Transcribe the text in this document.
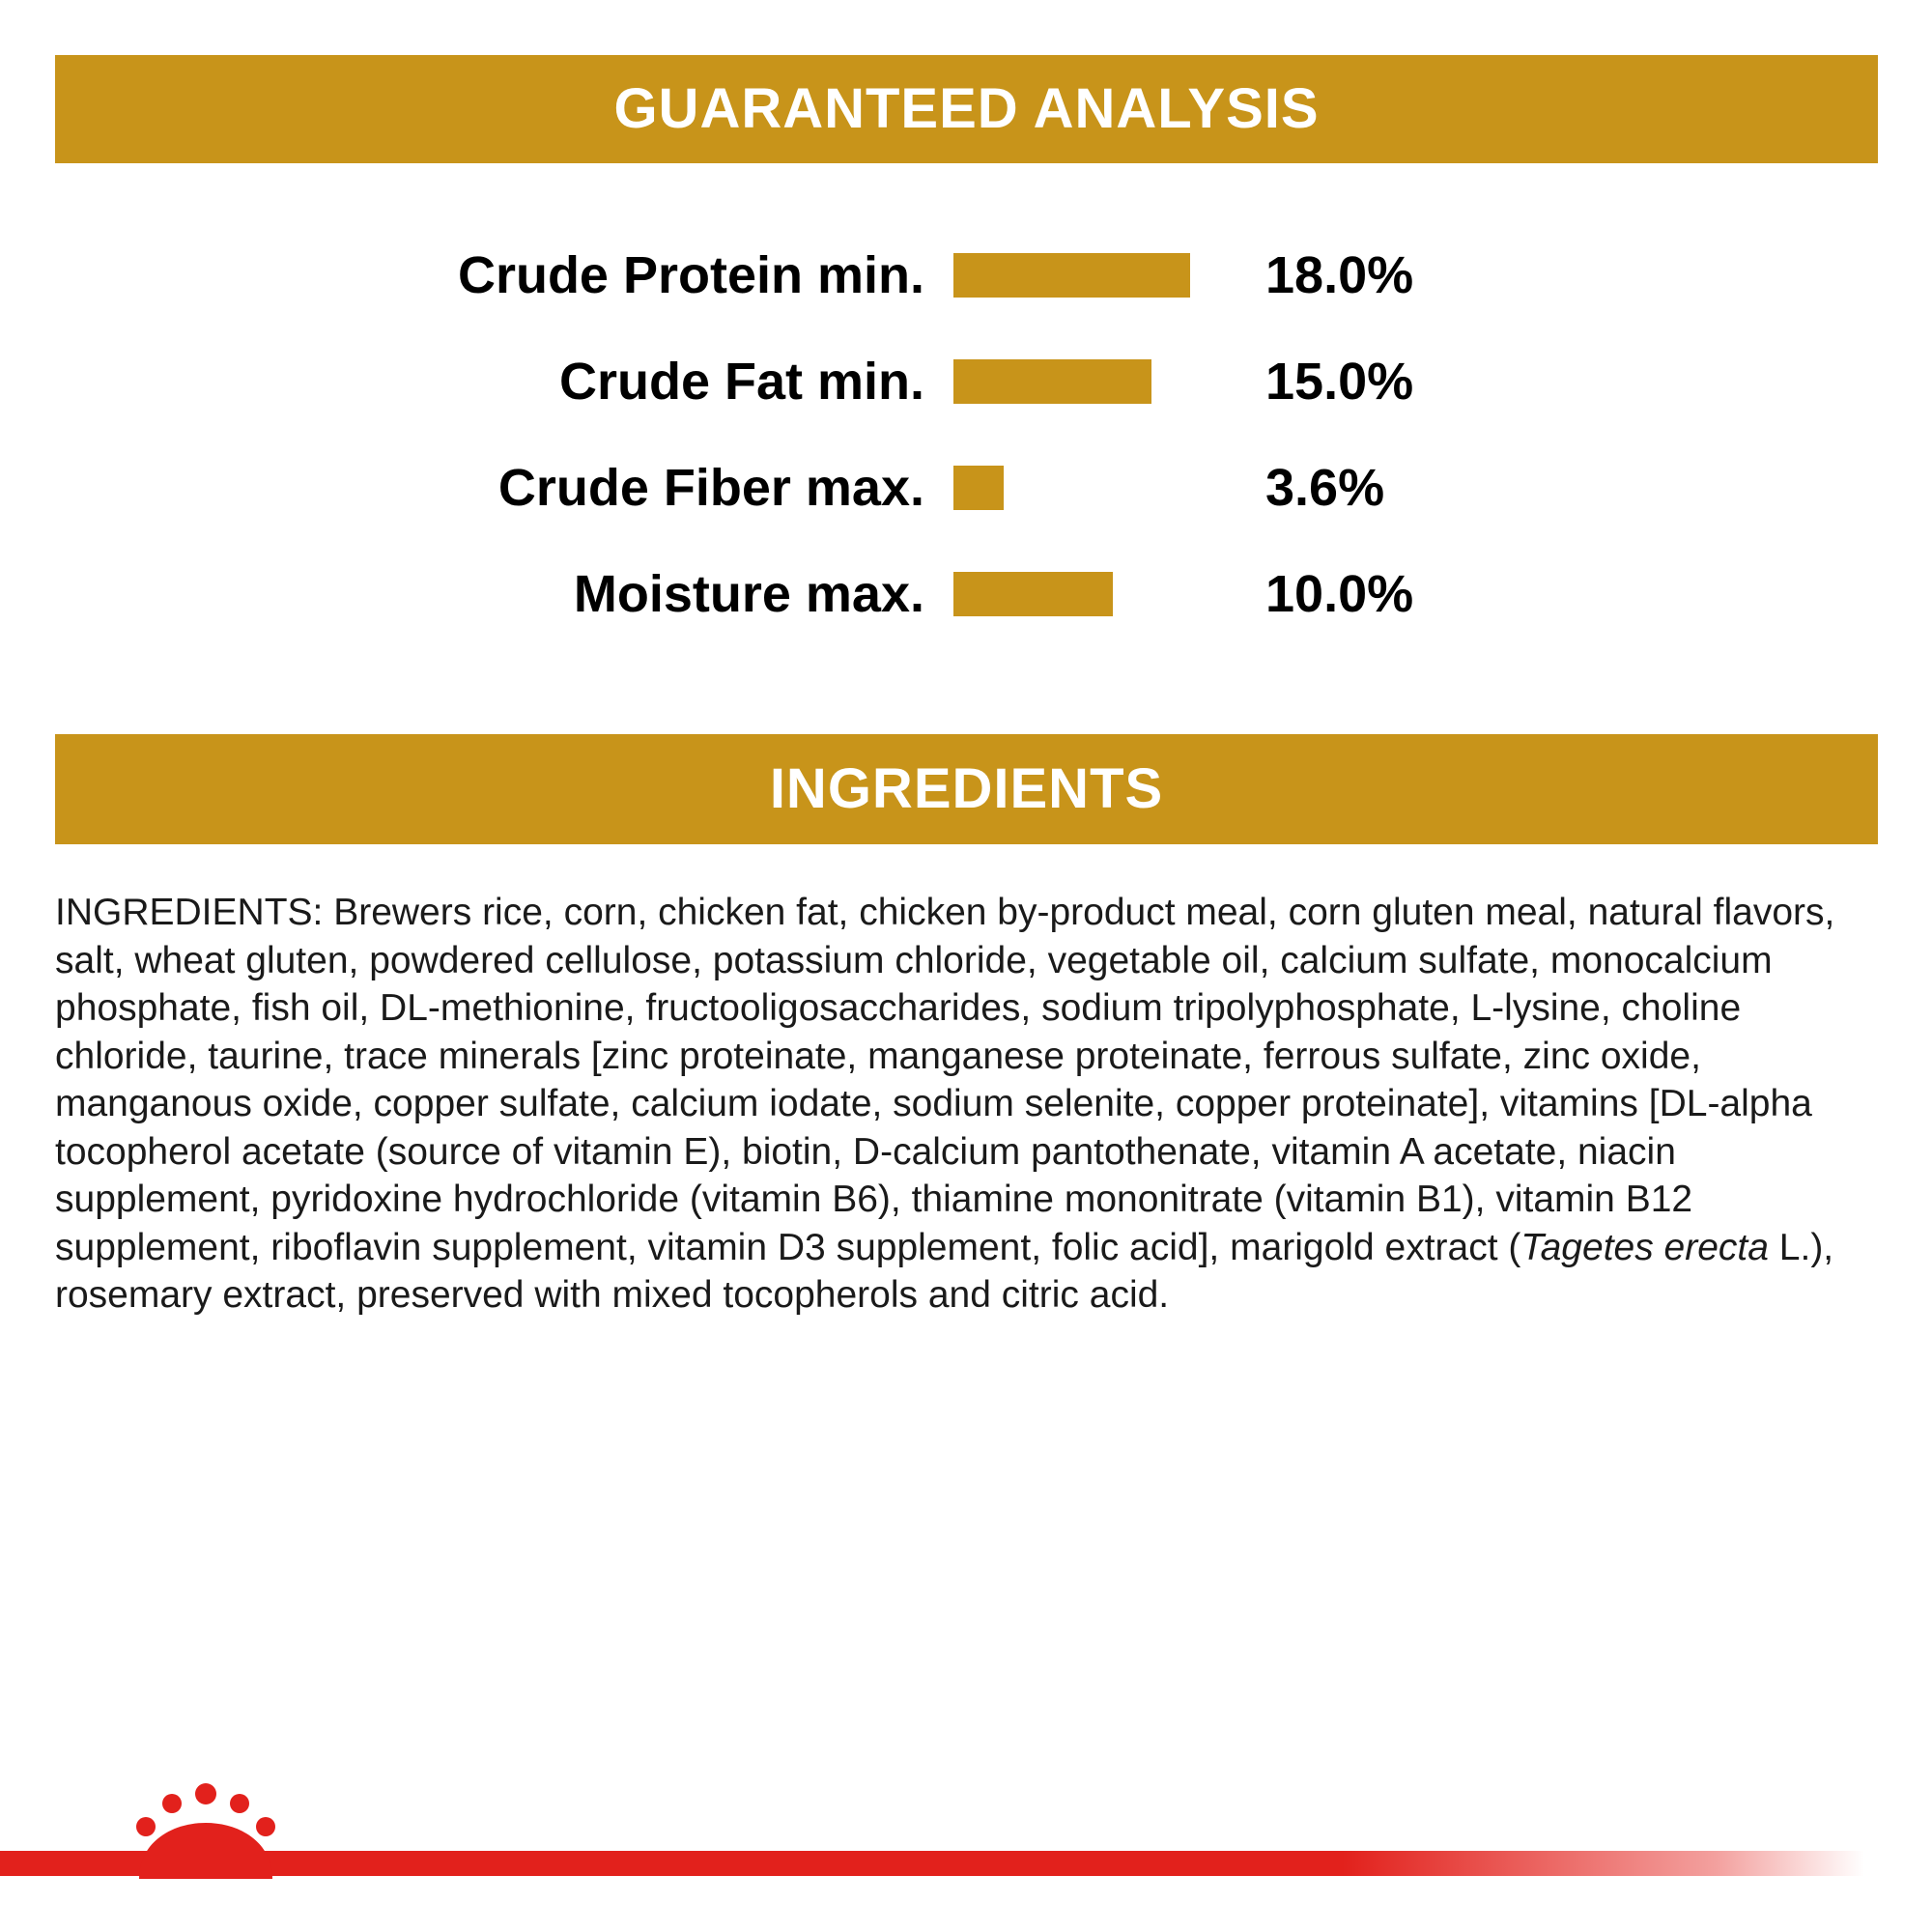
GUARANTEED ANALYSIS
Crude Protein min.	18.0%
Crude Fat min.	15.0%
Crude Fiber max.	3.6%
Moisture max.	10.0%
INGREDIENTS

INGREDIENTS: Brewers rice, corn, chicken fat, chicken by-product meal, corn gluten meal, natural flavors, salt, wheat gluten, powdered cellulose, potassium chloride, vegetable oil, calcium sulfate, monocalcium phosphate, fish oil, DL-methionine, fructooligosaccharides, sodium tripolyphosphate, L-lysine, choline chloride, taurine, trace minerals [zinc proteinate, manganese proteinate, ferrous sulfate, zinc oxide, manganous oxide, copper sulfate, calcium iodate, sodium selenite, copper proteinate], vitamins [DL-alpha tocopherol acetate (source of vitamin E), biotin, D-calcium pantothenate, vitamin A acetate, niacin supplement, pyridoxine hydrochloride (vitamin B6), thiamine mononitrate (vitamin B1), vitamin B12 supplement, riboflavin supplement, vitamin D3 supplement, folic acid], marigold extract (Tagetes erecta L.), rosemary extract, preserved with mixed tocopherols and citric acid.
